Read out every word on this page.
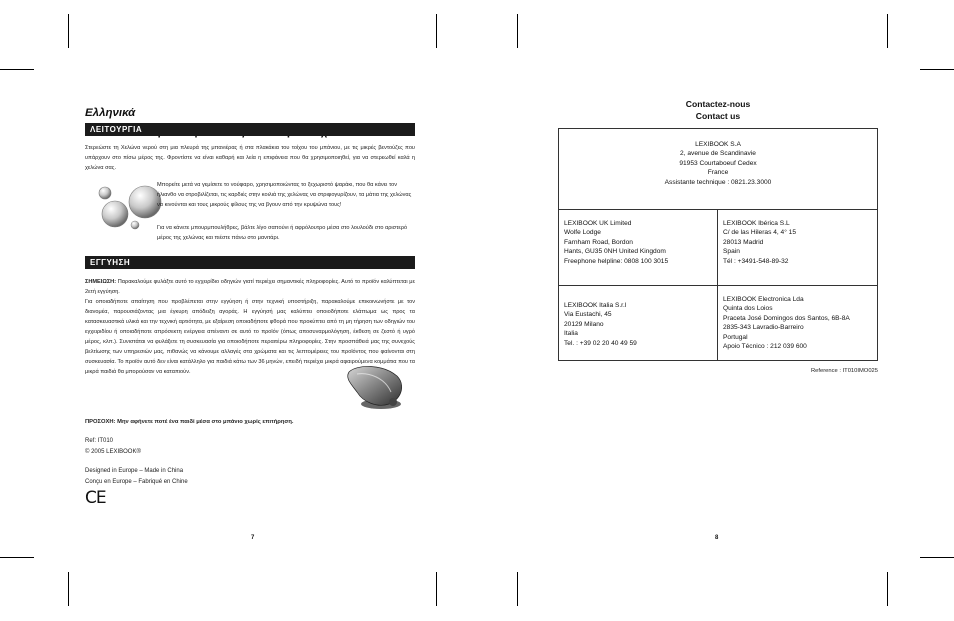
Ελληνικά
ΛΕΙΤΟΥΡΓΙΑ
Στερεώστε τη Χελώνα νερού στη μια πλευρά της μπανιέρας ή στα πλακάκια του τοίχου του μπάνιου, με τις μικρές βεντούζες που υπάρχουν στο πίσω μέρος της. Φροντίστε να είναι καθαρή και λεία η επιφάνεια που θα χρησιμοποιηθεί, για να στερεωθεί καλά η χελώνα σας.
Μπορείτε μετά να γεμίσετε το νούφαρο, χρησιμοποιώντας το ξεχωριστό ψαράκι, που θα κάνει τον ήλιανθο να στροβιλίζεται, τις καρδιές στην κοιλιά της χελώνας να στριφογυρίζουν, τα μάτια της χελώνας να κινούνται και τους μικρούς φίλους της να βγουν από την κρυψώνα τους!
Για να κάνετε μπουρμπουλήθρες, βάλτε λίγο σαπούνι ή αφρόλουτρο μέσα στο λουλούδι στο αριστερό μέρος της χελώνας και πιέστε πάνω στο μανιτάρι.
ΕΓΓΥΗΣΗ
ΣΗΜΕΙΩΣΗ: Παρακαλούμε φυλάξτε αυτό το εγχειρίδιο οδηγιών γιατί περιέχει σημαντικές πληροφορίες. Αυτό το προϊόν καλύπτεται με 2ετή εγγύηση.
Για οποιαδήποτε απαίτηση που προβλέπεται στην εγγύηση ή στην τεχνική υποστήριξη, παρακαλούμε επικοινωνήστε με τον διανομέα, παρουσιάζοντας μια έγκυρη απόδειξη αγοράς. Η εγγύησή μας καλύπτει οποιοδήποτε ελάττωμα ως προς τα κατασκευαστικά υλικά και την τεχνική αρτιότητα, με εξαίρεση οποιαδήποτε φθορά που προκύπτει από τη μη τήρηση των οδηγιών του εγχειριδίου ή οποιαδήποτε απρόσεκτη ενέργεια απέναντι σε αυτό το προϊόν (όπως αποσυναρμολόγηση, έκθεση σε ζεστό ή υγρό μέρος, κλπ.). Συνιστάται να φυλάξετε τη συσκευασία για οποιοδήποτε περαιτέρω πληροφορίες. Στην προσπάθειά μας της συνεχούς βελτίωσης των υπηρεσιών μας, πιθανώς να κάνουμε αλλαγές στα χρώματα και τις λεπτομέρειες του προϊόντος που φαίνονται στη συσκευασία. Το προϊόν αυτό δεν είναι κατάλληλο για παιδιά κάτω των 36 μηνών, επειδή περιέχει μικρά αφαιρούμενα κομμάτια που τα μικρά παιδιά θα μπορούσαν να καταπιούν.
ΠΡΟΣΟΧΗ: Μην αφήνετε ποτέ ένα παιδί μέσα στο μπάνιο χωρίς επιτήρηση.
Ref: IT010
© 2005 LEXIBOOK®
Designed in Europe – Made in China
Conçu en Europe – Fabriqué en Chine
CE
7
Contactez-nous
Contact us
LEXIBOOK S.A
2, avenue de Scandinavie
91953 Courtaboeuf Cedex
France
Assistante technique : 0821.23.3000
LEXIBOOK UK Limited
Wolfe Lodge
Farnham Road, Bordon
Hants, GU35 0NH United Kingdom
Freephone helpline: 0808 100 3015
LEXIBOOK Ibérica S.L
C/ de las Hileras 4, 4° 15
28013 Madrid
Spain
Tél : +3491-548-89-32
LEXIBOOK Italia S.r.l
Via Eustachi, 45
20129 Milano
Italia
Tel. : +39 02 20 40 49 59
LEXIBOOK Electronica Lda
Quinta dos Loios
Praceta José Domingos dos Santos, 6B-8A
2835-343 Lavradio-Barreiro
Portugal
Apoio Técnico : 212 039 600
Reference : IT010IMO025
8
